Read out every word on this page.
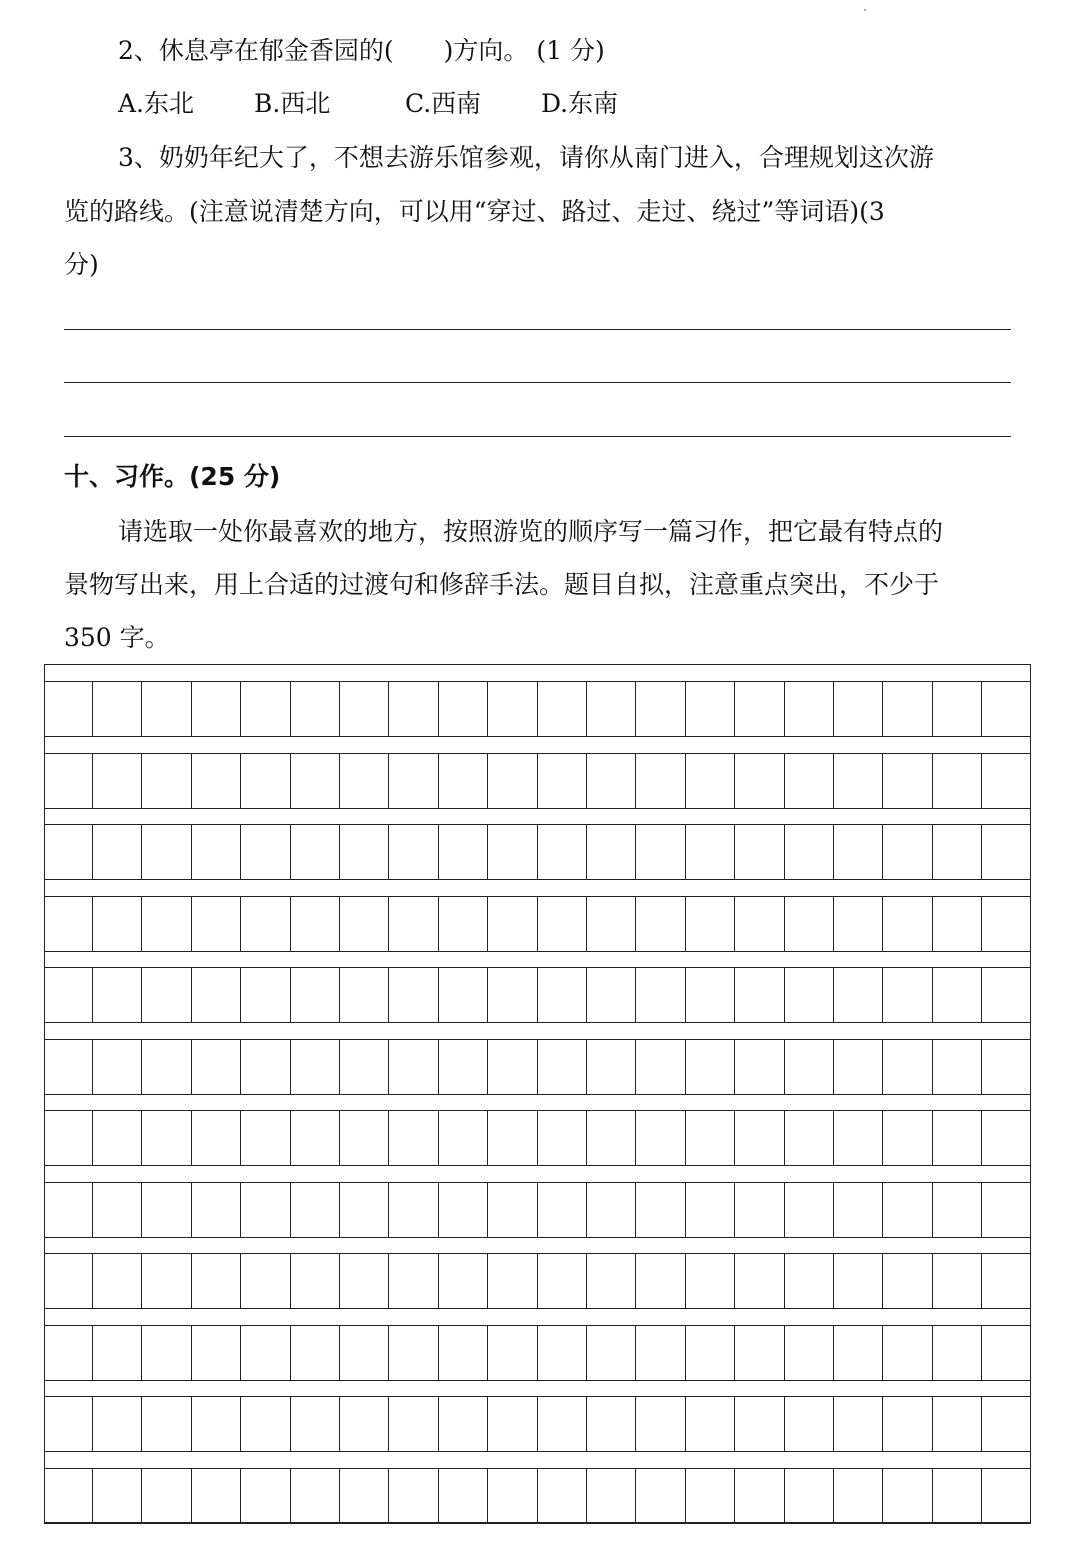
2、休息亭在郁金香园的(　　)方向。 (1 分)
A.东北 B.西北	C.西南 D.东南
3、奶奶年纪大了，不想去游乐馆参观，请你从南门进入，合理规划这次游
览的路线。(注意说清楚方向，可以用“穿过、路过、走过、绕过”等词语)(3
分)
十、习作。(25 分)
请选取一处你最喜欢的地方，按照游览的顺序写一篇习作，把它最有特点的
景物写出来，用上合适的过渡句和修辞手法。题目自拟，注意重点突出，不少于
350 字。
